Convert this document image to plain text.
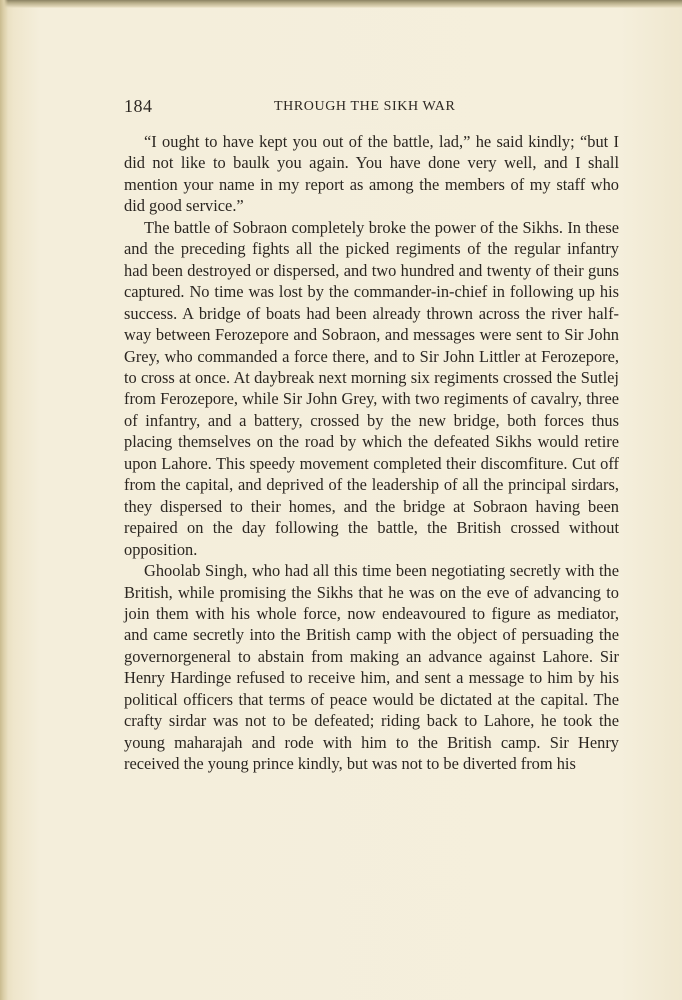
184	THROUGH THE SIKH WAR

“I ought to have kept you out of the battle, lad,” he said kindly; “but I did not like to baulk you again. You have done very well, and I shall mention your name in my report as among the members of my staff who did good service.”

The battle of Sobraon completely broke the power of the Sikhs. In these and the preceding fights all the picked regiments of the regular infantry had been destroyed or dispersed, and two hundred and twenty of their guns captured. No time was lost by the commander-in-chief in following up his success. A bridge of boats had been already thrown across the river half-way between Ferozepore and Sobraon, and messages were sent to Sir John Grey, who commanded a force there, and to Sir John Littler at Ferozepore, to cross at once. At daybreak next morning six regiments crossed the Sutlej from Ferozepore, while Sir John Grey, with two regiments of cavalry, three of infantry, and a battery, crossed by the new bridge, both forces thus placing themselves on the road by which the defeated Sikhs would retire upon Lahore. This speedy movement completed their discomfiture. Cut off from the capital, and deprived of the leadership of all the principal sirdars, they dispersed to their homes, and the bridge at Sobraon having been repaired on the day following the battle, the British crossed without opposition.

Ghoolab Singh, who had all this time been negotiating secretly with the British, while promising the Sikhs that he was on the eve of advancing to join them with his whole force, now endeavoured to figure as mediator, and came secretly into the British camp with the object of persuading the governorgeneral to abstain from making an advance against Lahore. Sir Henry Hardinge refused to receive him, and sent a message to him by his political officers that terms of peace would be dictated at the capital. The crafty sirdar was not to be defeated; riding back to Lahore, he took the young maharajah and rode with him to the British camp. Sir Henry received the young prince kindly, but was not to be diverted from his
